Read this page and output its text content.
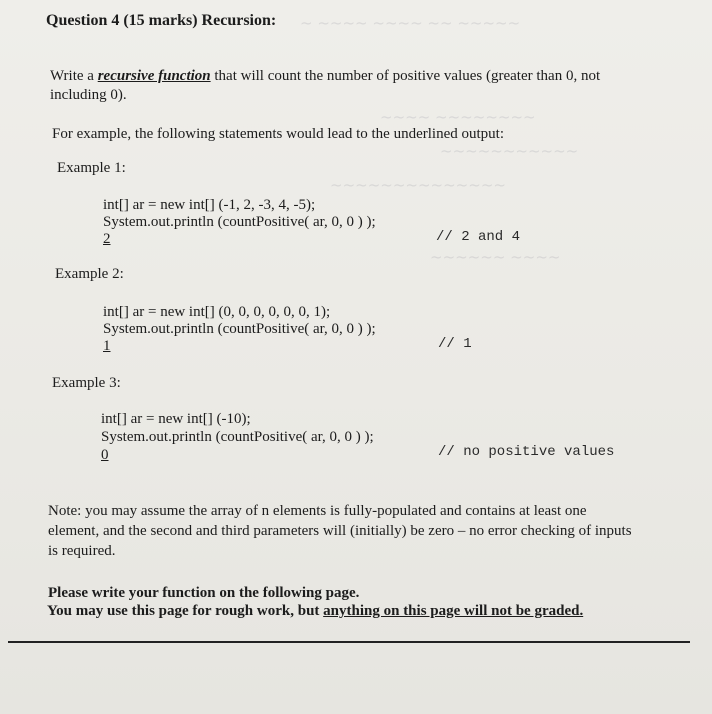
~ ~~~~ ~~~~ ~~ ~~~~~
~~~~ ~~~~~~~~
~~~~~~~~~~~
~~~~~~~~~~~~~~
~~~~~~ ~~~~

Question 4 (15 marks) Recursion:

Write a recursive function that will count the number of positive values (greater than 0, not

including 0).

For example, the following statements would lead to the underlined output:

Example 1:

int[] ar = new int[] (-1, 2, -3, 4, -5);

System.out.println (countPositive( ar, 0, 0 ) );

2	// 2 and 4

Example 2:

int[] ar = new int[] (0, 0, 0, 0, 0, 0, 1);

System.out.println (countPositive( ar, 0, 0 ) );

1	// 1

Example 3:

int[] ar = new int[] (-10);

System.out.println (countPositive( ar, 0, 0 ) );

0	// no positive values

Note: you may assume the array of n elements is fully-populated and contains at least one

element, and the second and third parameters will (initially) be zero – no error checking of inputs

is required.

Please write your function on the following page.

You may use this page for rough work, but anything on this page will not be graded.
